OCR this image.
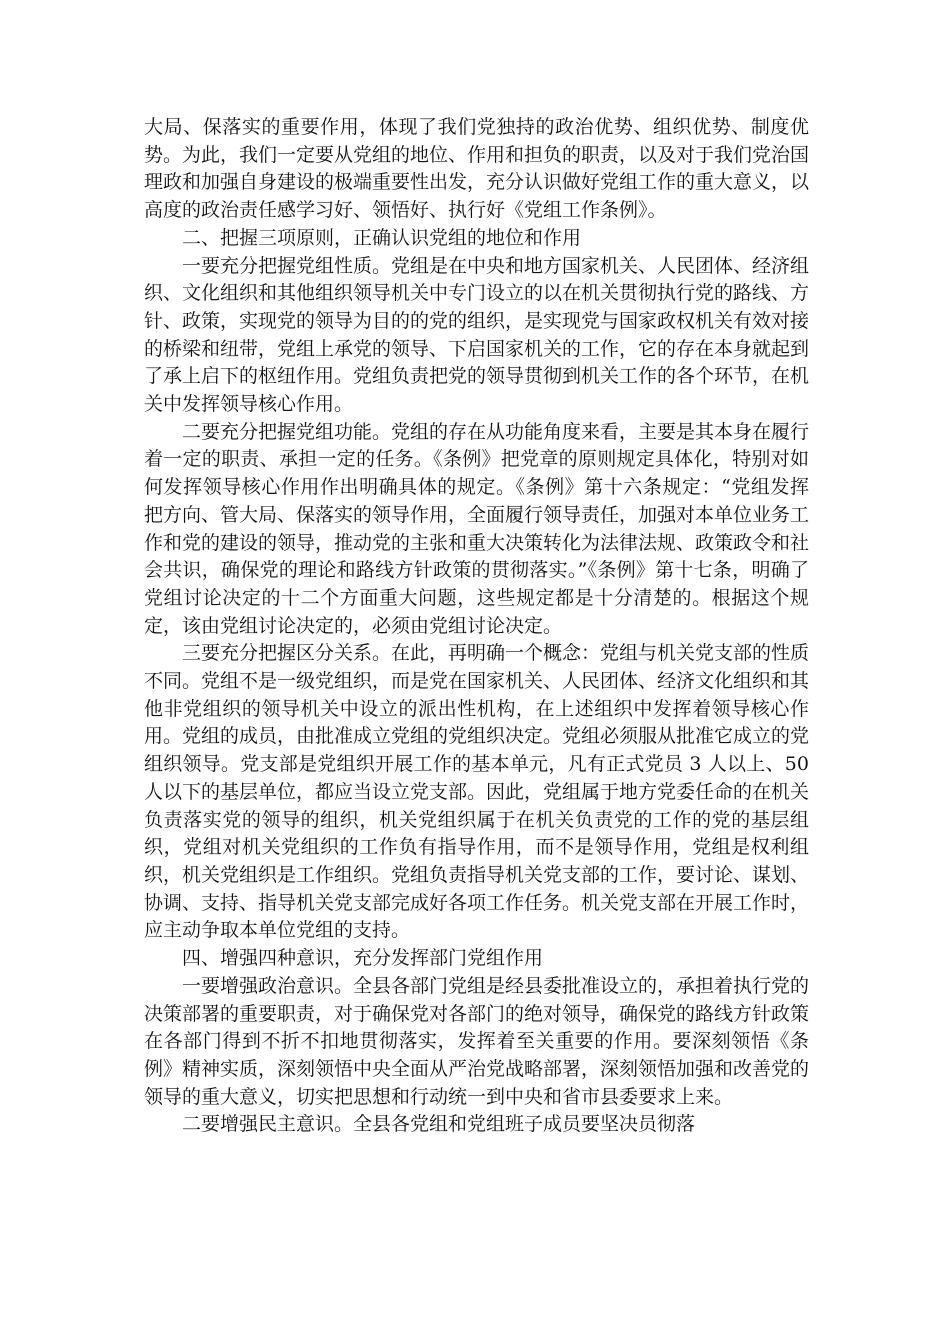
大局、保落实的重要作用，体现了我们党独持的政治优势、组织优势、制度优势。为此，我们一定要从党组的地位、作用和担负的职责，以及对于我们党治国理政和加强自身建设的极端重要性出发，充分认识做好党组工作的重大意义，以高度的政治责任感学习好、领悟好、执行好《党组工作条例》。

二、把握三项原则，正确认识党组的地位和作用

一要充分把握党组性质。党组是在中央和地方国家机关、人民团体、经济组织、文化组织和其他组织领导机关中专门设立的以在机关贯彻执行党的路线、方针、政策，实现党的领导为目的的党的组织，是实现党与国家政权机关有效对接的桥梁和纽带，党组上承党的领导、下启国家机关的工作，它的存在本身就起到了承上启下的枢纽作用。党组负责把党的领导贯彻到机关工作的各个环节，在机关中发挥领导核心作用。

二要充分把握党组功能。党组的存在从功能角度来看，主要是其本身在履行着一定的职责、承担一定的任务。《条例》把党章的原则规定具体化，特别对如何发挥领导核心作用作出明确具体的规定。《条例》第十六条规定：“党组发挥把方向、管大局、保落实的领导作用，全面履行领导责任，加强对本单位业务工作和党的建设的领导，推动党的主张和重大决策转化为法律法规、政策政令和社会共识，确保党的理论和路线方针政策的贯彻落实。”《条例》第十七条，明确了党组讨论决定的十二个方面重大问题，这些规定都是十分清楚的。根据这个规定，该由党组讨论决定的，必须由党组讨论决定。

三要充分把握区分关系。在此，再明确一个概念：党组与机关党支部的性质不同。党组不是一级党组织，而是党在国家机关、人民团体、经济文化组织和其他非党组织的领导机关中设立的派出性机构，在上述组织中发挥着领导核心作用。党组的成员，由批准成立党组的党组织决定。党组必须服从批准它成立的党组织领导。党支部是党组织开展工作的基本单元，凡有正式党员 3 人以上、50 人以下的基层单位，都应当设立党支部。因此，党组属于地方党委任命的在机关负责落实党的领导的组织，机关党组织属于在机关负责党的工作的党的基层组织，党组对机关党组织的工作负有指导作用，而不是领导作用，党组是权利组织，机关党组织是工作组织。党组负责指导机关党支部的工作，要讨论、谋划、协调、支持、指导机关党支部完成好各项工作任务。机关党支部在开展工作时，应主动争取本单位党组的支持。

四、增强四种意识，充分发挥部门党组作用

一要增强政治意识。全县各部门党组是经县委批准设立的，承担着执行党的决策部署的重要职责，对于确保党对各部门的绝对领导，确保党的路线方针政策在各部门得到不折不扣地贯彻落实，发挥着至关重要的作用。要深刻领悟《条例》精神实质，深刻领悟中央全面从严治党战略部署，深刻领悟加强和改善党的领导的重大意义，切实把思想和行动统一到中央和省市县委要求上来。

二要增强民主意识。全县各党组和党组班子成员要坚决员彻落
